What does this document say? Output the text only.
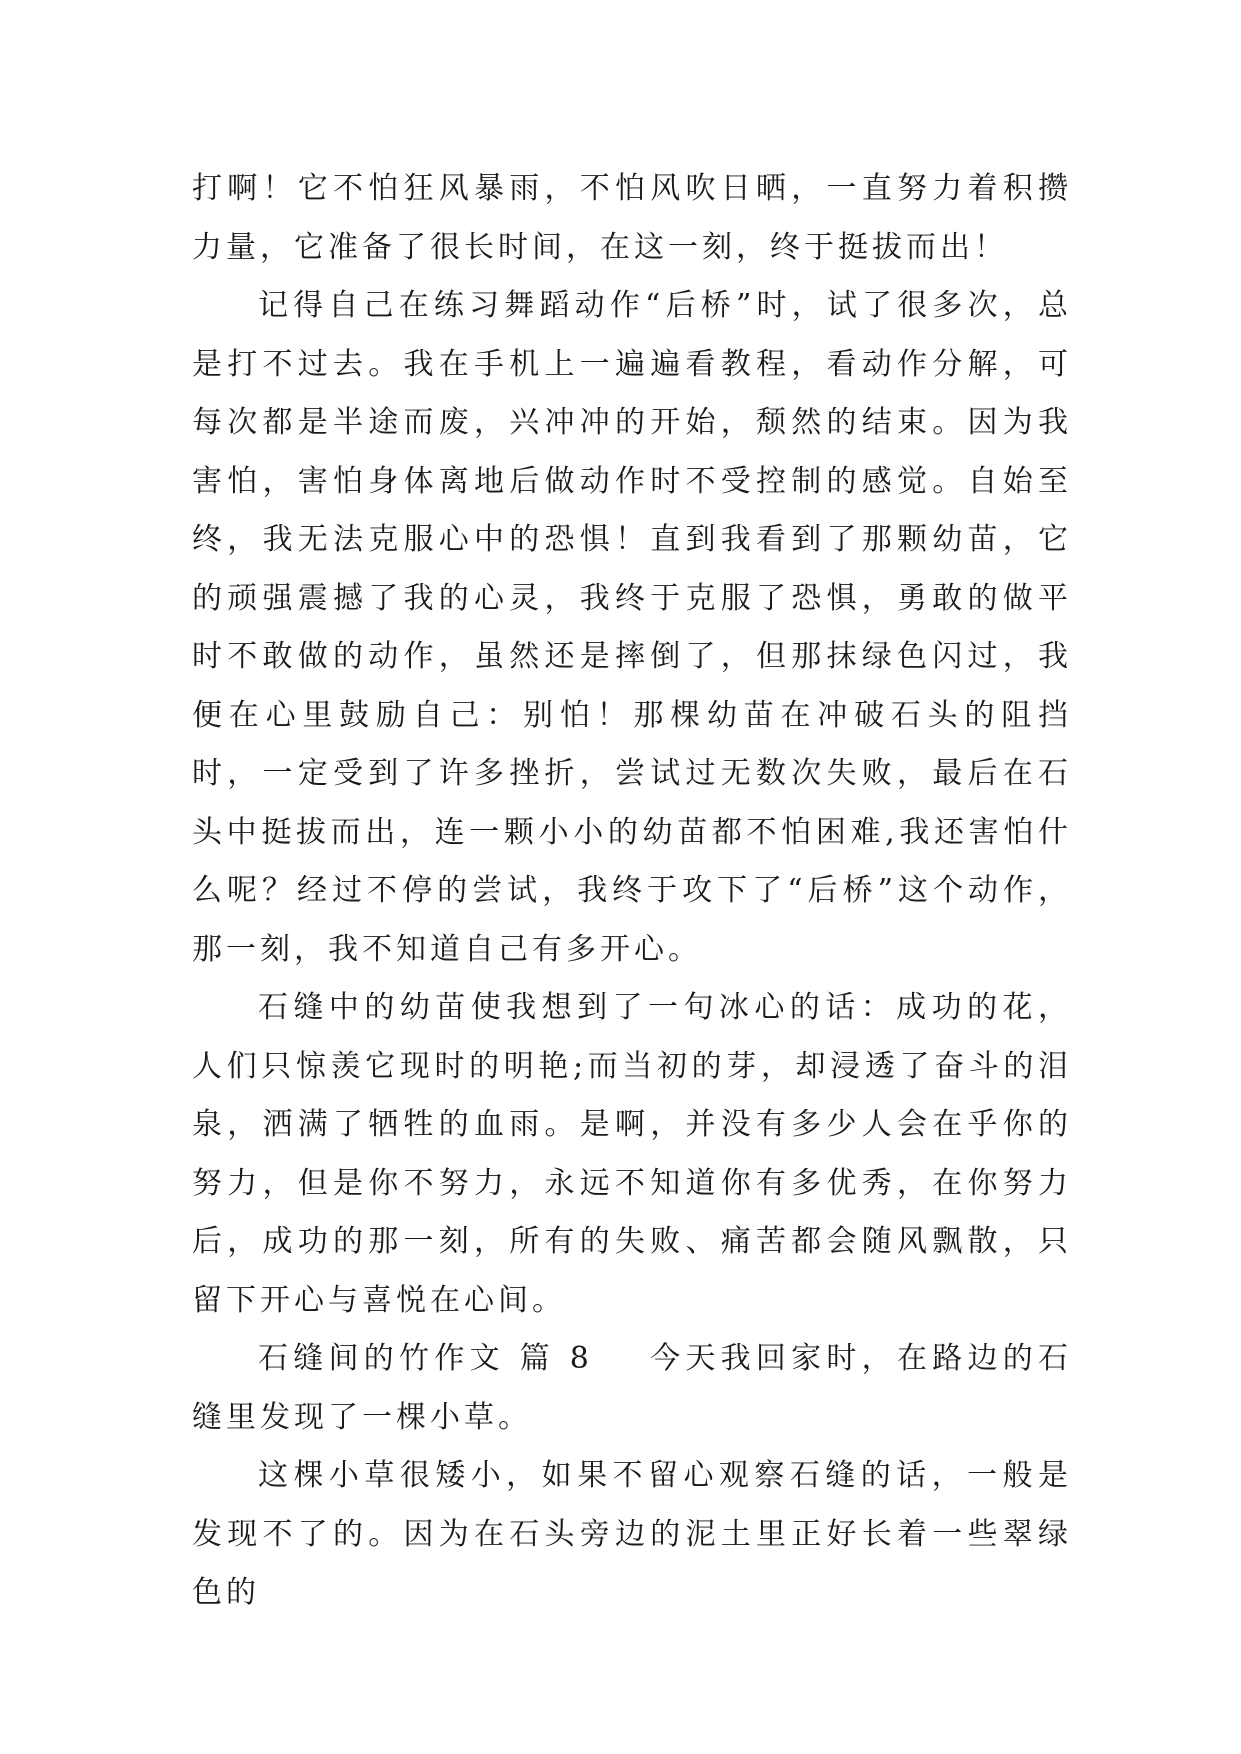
打啊！它不怕狂风暴雨，不怕风吹日晒，一直努力着积攒力量，它准备了很长时间，在这一刻，终于挺拔而出！

记得自己在练习舞蹈动作“后桥”时，试了很多次，总是打不过去。我在手机上一遍遍看教程，看动作分解，可每次都是半途而废，兴冲冲的开始，颓然的结束。因为我害怕，害怕身体离地后做动作时不受控制的感觉。自始至终，我无法克服心中的恐惧！直到我看到了那颗幼苗，它的顽强震撼了我的心灵，我终于克服了恐惧，勇敢的做平时不敢做的动作，虽然还是摔倒了，但那抹绿色闪过，我便在心里鼓励自己：别怕！那棵幼苗在冲破石头的阻挡时，一定受到了许多挫折，尝试过无数次失败，最后在石头中挺拔而出，连一颗小小的幼苗都不怕困难,我还害怕什么呢？经过不停的尝试，我终于攻下了“后桥”这个动作，那一刻，我不知道自己有多开心。

石缝中的幼苗使我想到了一句冰心的话：成功的花，人们只惊羡它现时的明艳;而当初的芽，却浸透了奋斗的泪泉，洒满了牺牲的血雨。是啊，并没有多少人会在乎你的努力，但是你不努力，永远不知道你有多优秀，在你努力后，成功的那一刻，所有的失败、痛苦都会随风飘散，只留下开心与喜悦在心间。

石缝间的竹作文 篇 8 今天我回家时，在路边的石缝里发现了一棵小草。

这棵小草很矮小，如果不留心观察石缝的话，一般是发现不了的。因为在石头旁边的泥土里正好长着一些翠绿色的
